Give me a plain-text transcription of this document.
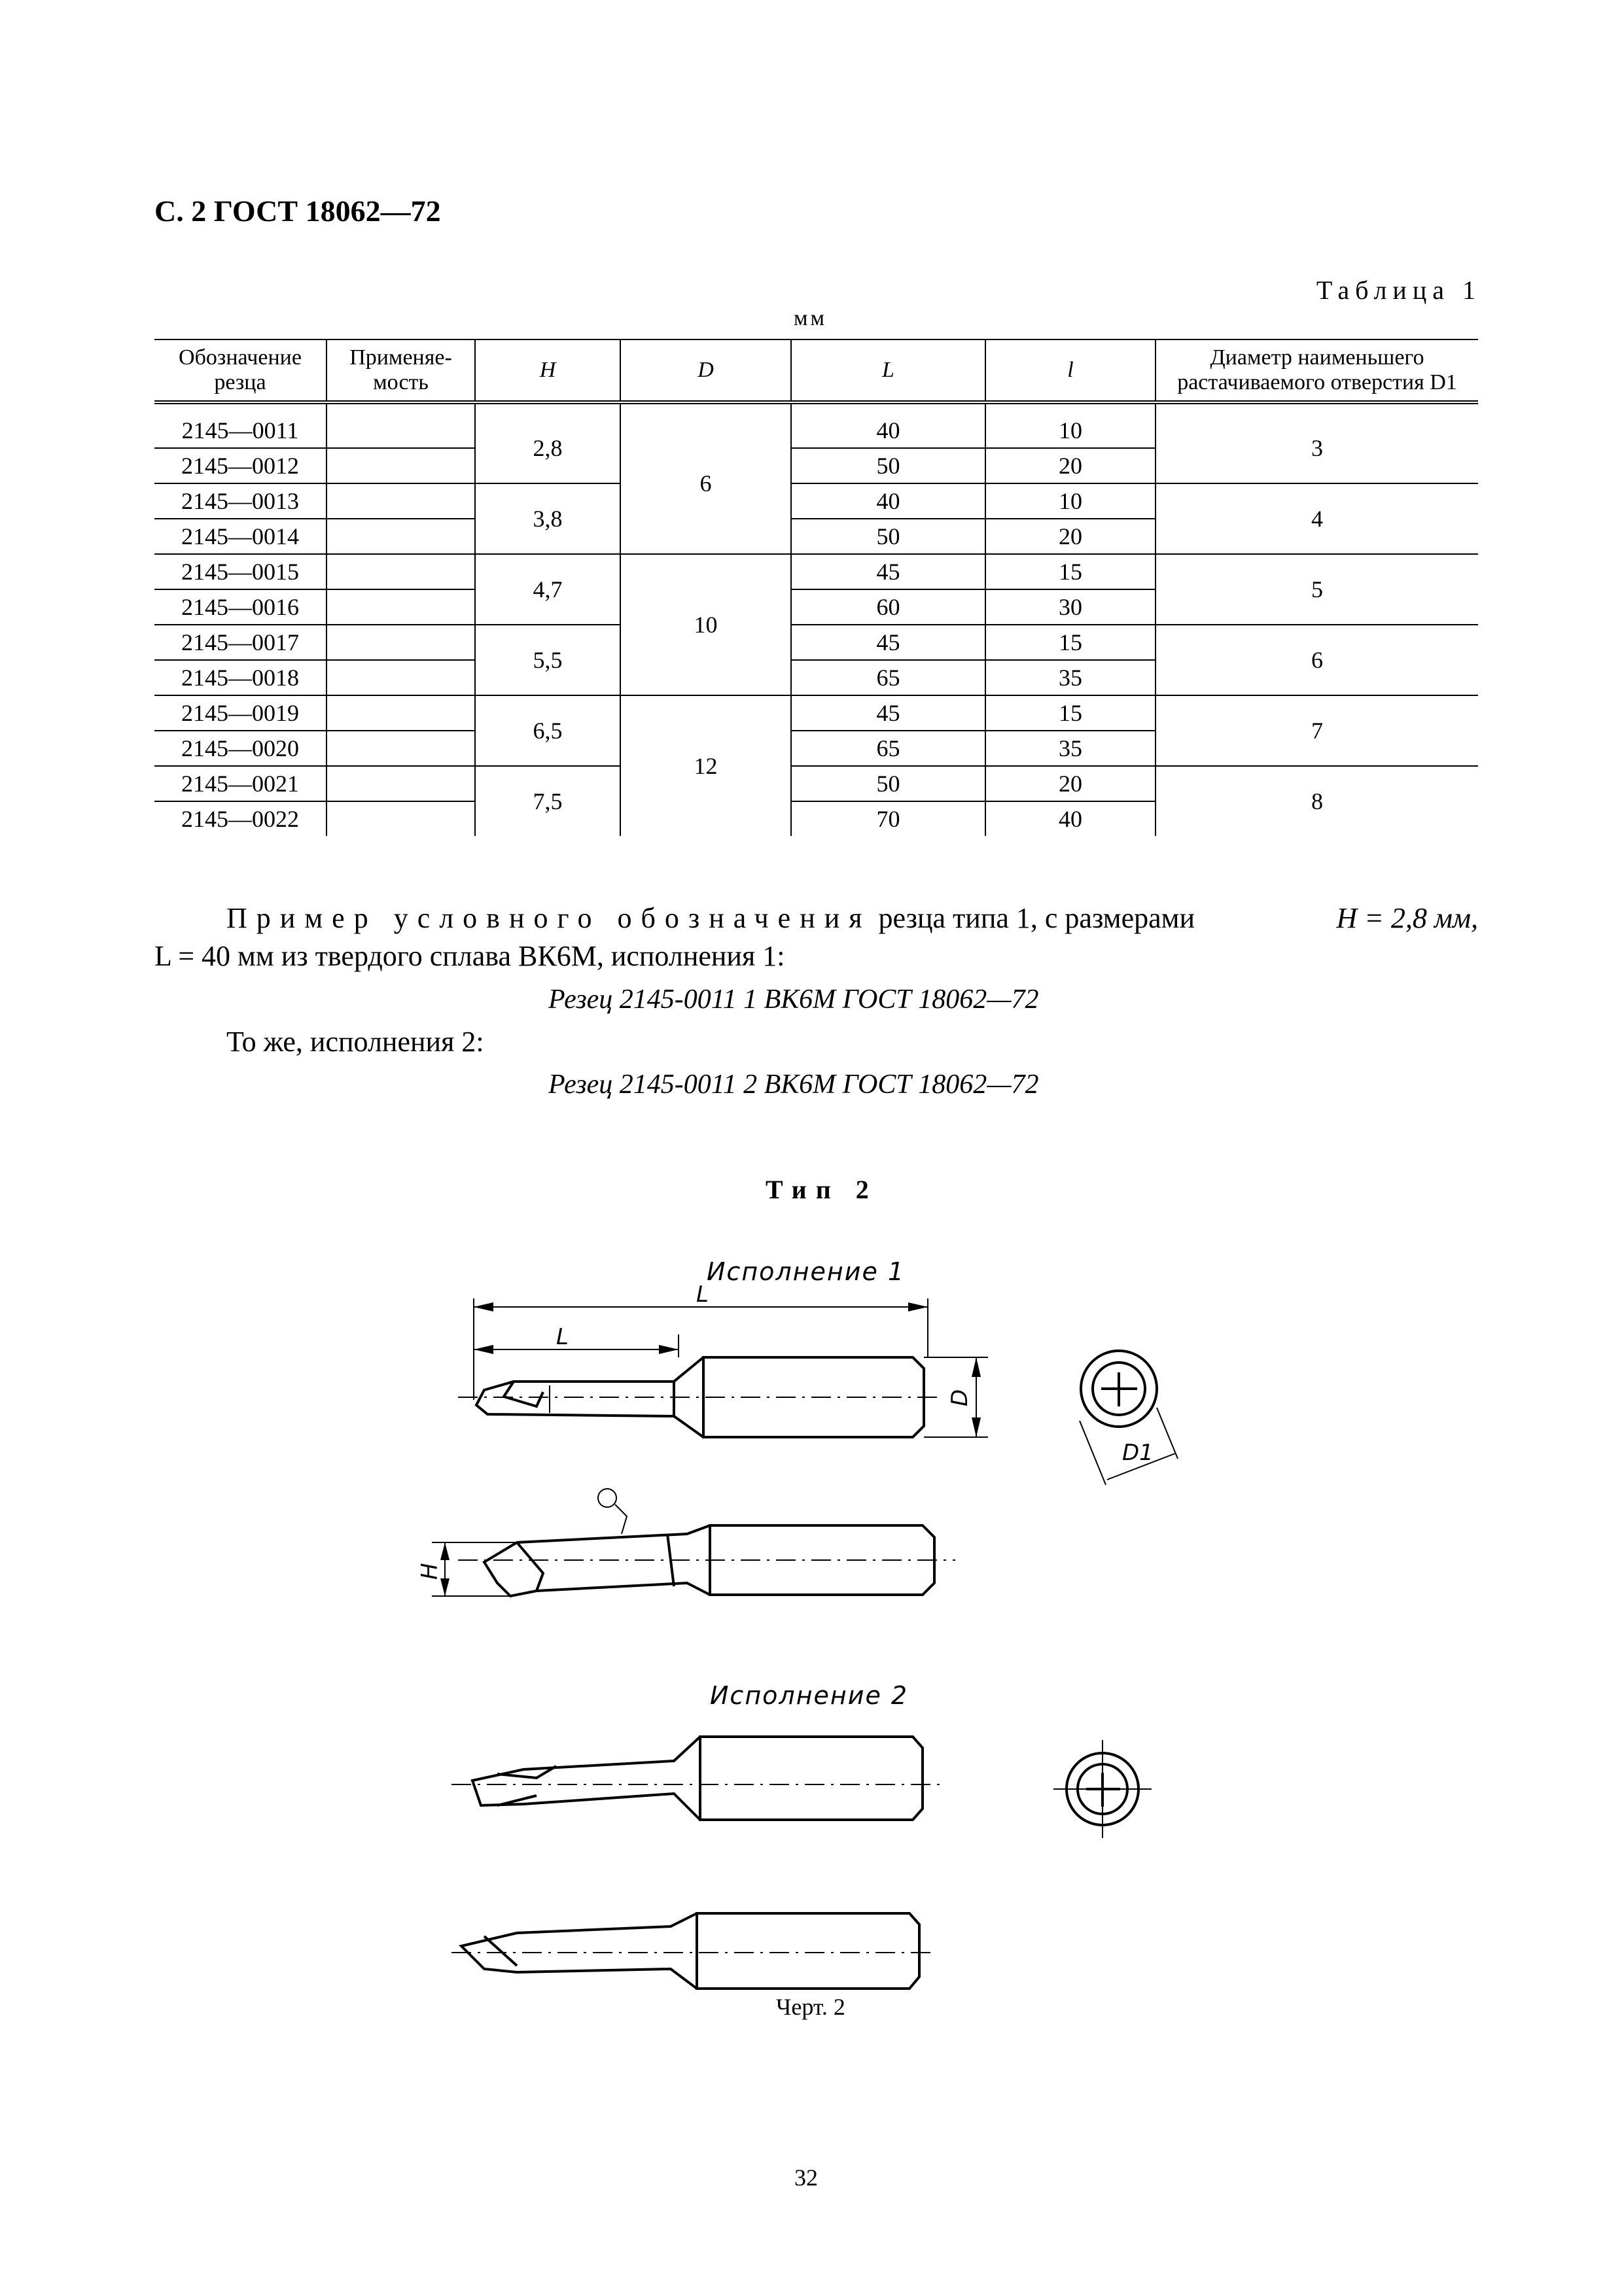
С. 2 ГОСТ 18062—72
Таблица 1
мм
Обозначение резца	Применяе-мость	H	D	L	l	Диаметр наименьшего растачиваемого отверстия D1
2145—0011		2,8	6	40	10	3
2145—0012				50	20	
2145—0013		3,8		40	10	4
2145—0014				50	20	
2145—0015		4,7	10	45	15	5
2145—0016				60	30	
2145—0017		5,5		45	15	6
2145—0018				65	35	
2145—0019		6,5	12	45	15	7
2145—0020				65	35	
2145—0021		7,5		50	20	8
2145—0022				70	40	
Пример условного обозначения резца типа 1, с размерами	H = 2,8 мм,
L = 40 мм из твердого сплава ВК6М, исполнения 1:
Резец 2145-0011 1 ВК6М ГОСТ 18062—72
То же, исполнения 2:
Резец 2145-0011 2 ВК6М ГОСТ 18062—72
Тип 2
Исполнение 1
Исполнение 2
L
L
D
D1
H
Черт. 2
32
